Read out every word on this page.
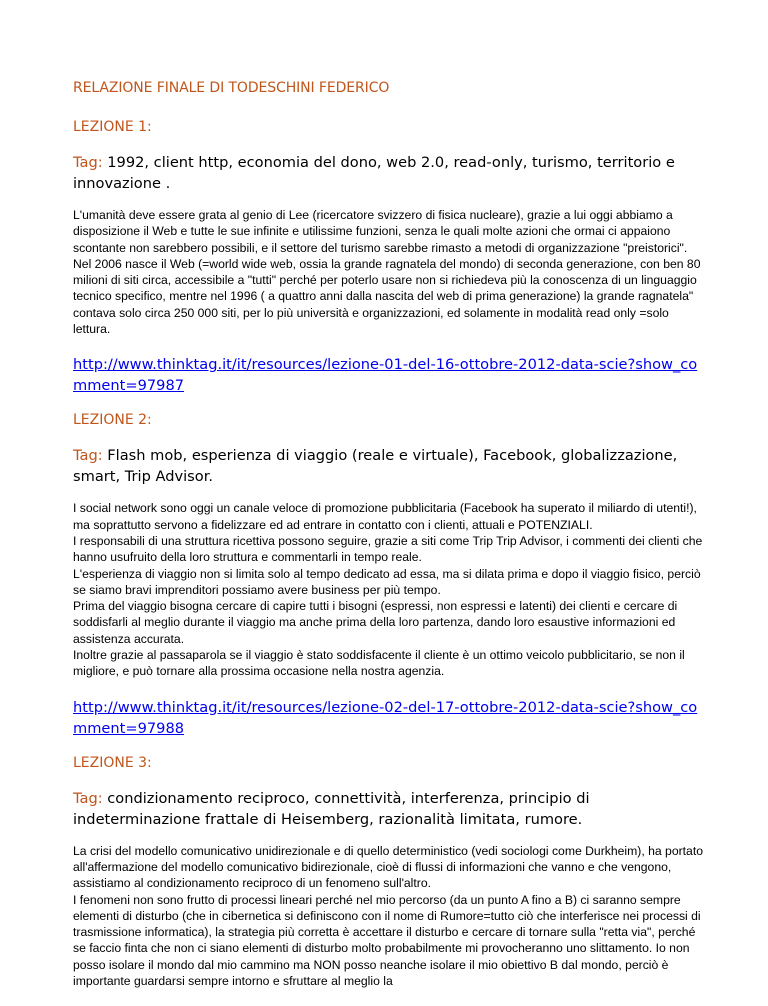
RELAZIONE FINALE DI TODESCHINI FEDERICO
LEZIONE 1:
Tag: 1992, client http, economia del dono, web 2.0, read-only, turismo, territorio e innovazione .

L'umanità deve essere grata al genio di Lee (ricercatore svizzero di fisica nucleare), grazie a lui oggi abbiamo a disposizione il Web e tutte le sue infinite e utilissime funzioni, senza le quali molte azioni che ormai ci appaiono scontante non sarebbero possibili, e il settore del turismo sarebbe rimasto a metodi di organizzazione "preistorici".

Nel 2006 nasce il Web (=world wide web, ossia la grande ragnatela del mondo) di seconda generazione, con ben 80 milioni di siti circa, accessibile a "tutti" perché per poterlo usare non si richiedeva più la conoscenza di un linguaggio tecnico specifico, mentre nel 1996 ( a quattro anni dalla nascita del web di prima generazione) la grande ragnatela" contava solo circa 250 000 siti, per lo più università e organizzazioni, ed solamente in modalità read only =solo lettura.

http://www.thinktag.it/it/resources/lezione-01-del-16-ottobre-2012-data-scie?show_comment=97987
LEZIONE 2:
Tag: Flash mob, esperienza di viaggio (reale e virtuale), Facebook, globalizzazione, smart, Trip Advisor.

I social network sono oggi un canale veloce di promozione pubblicitaria (Facebook ha superato il miliardo di utenti!), ma soprattutto servono a fidelizzare ed ad entrare in contatto con i clienti, attuali e POTENZIALI.

I responsabili di una struttura ricettiva possono seguire, grazie a siti come Trip Trip Advisor, i commenti dei clienti che hanno usufruito della loro struttura e commentarli in tempo reale.

L'esperienza di viaggio non si limita solo al tempo dedicato ad essa, ma si dilata prima e dopo il viaggio fisico, perciò se siamo bravi imprenditori possiamo avere business per più tempo.

Prima del viaggio bisogna cercare di capire tutti i bisogni (espressi, non espressi e latenti) dei clienti e cercare di soddisfarli al meglio durante il viaggio ma anche prima della loro partenza, dando loro esaustive informazioni ed assistenza accurata.

Inoltre grazie al passaparola se il viaggio è stato soddisfacente il cliente è un ottimo veicolo pubblicitario, se non il migliore, e può tornare alla prossima occasione nella nostra agenzia.

http://www.thinktag.it/it/resources/lezione-02-del-17-ottobre-2012-data-scie?show_comment=97988
LEZIONE 3:
Tag: condizionamento reciproco, connettività, interferenza, principio di indeterminazione frattale di Heisemberg, razionalità limitata, rumore.

La crisi del modello comunicativo unidirezionale e di quello deterministico (vedi sociologi come Durkheim), ha portato all'affermazione del modello comunicativo bidirezionale, cioè di flussi di informazioni che vanno e che vengono, assistiamo al condizionamento reciproco di un fenomeno sull'altro.

I fenomeni non sono frutto di processi lineari perché nel mio percorso (da un punto A fino a B) ci saranno sempre elementi di disturbo (che in cibernetica si definiscono con il nome di Rumore=tutto ciò che interferisce nei processi di trasmissione informatica), la strategia più corretta è accettare il disturbo e cercare di tornare sulla "retta via", perché se faccio finta che non ci siano elementi di disturbo molto probabilmente mi provocheranno uno slittamento. Io non posso isolare il mondo dal mio cammino ma NON posso neanche isolare il mio obiettivo B dal mondo, perciò è importante guardarsi sempre intorno e sfruttare al meglio la
